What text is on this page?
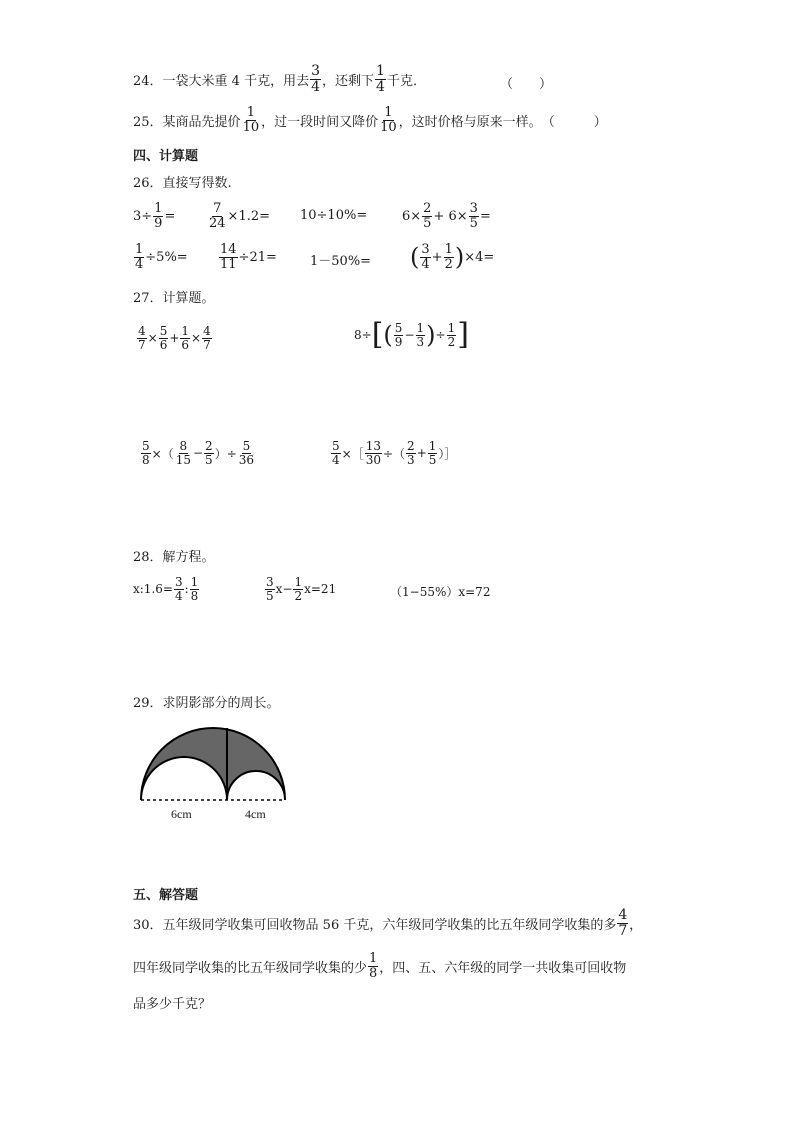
24． 一袋大米重 4 千克，用去 $\frac{3}{4}$ ，还剩下 $\frac{1}{4}$ 千克．	（　　）
25． 某商品先提价 $\frac{1}{10}$ ，过一段时间又降价 $\frac{1}{10}$ ，这时价格与原来一样。 （　　　）
四、计算题
26．直接写得数.
$3\div \frac{1}{9}$ =	$\frac{7}{24} \times 1.2= 10\div 10\%=$	$6\times \frac{2}{5} + 6\times \frac{3}{5}$ =
$\frac{1}{4} \div 5\%= \frac{14}{11} \div 21=$	1－50%= ( $\frac{3}{4} + \frac{1}{2}$ ) ×4=
27．计算题。
$\frac{4}{7} \times \frac{5}{6} + \frac{1}{6} \times \frac{4}{7}$	8÷ [ ( $\frac{5}{9} - \frac{1}{3}$ ) ÷ $\frac{1}{2}$ ]
$\frac{5}{8}$ ×（ $\frac{8}{15} - \frac{2}{5}$ ）÷ $\frac{5}{36}$	$\frac{5}{4}$ ×［ $\frac{13}{30}$ ÷（ $\frac{2}{3} + \frac{1}{5}$ ）］
28．解方程。
x:1.6= $\frac{3}{4}$ : $\frac{1}{8}$	$\frac{3}{5} x- \frac{1}{2} x=21$	（1−55%）x=72
29．求阴影部分的周长。
6cm	4cm
五、解答题
30．五年级同学收集可回收物品 56 千克，六年级同学收集的比五年级同学收集的多 $\frac{4}{7}$ ，
四年级同学收集的比五年级同学收集的少 $\frac{1}{8}$ ，四、五、六年级的同学一共收集可回收物
品多少千克？
